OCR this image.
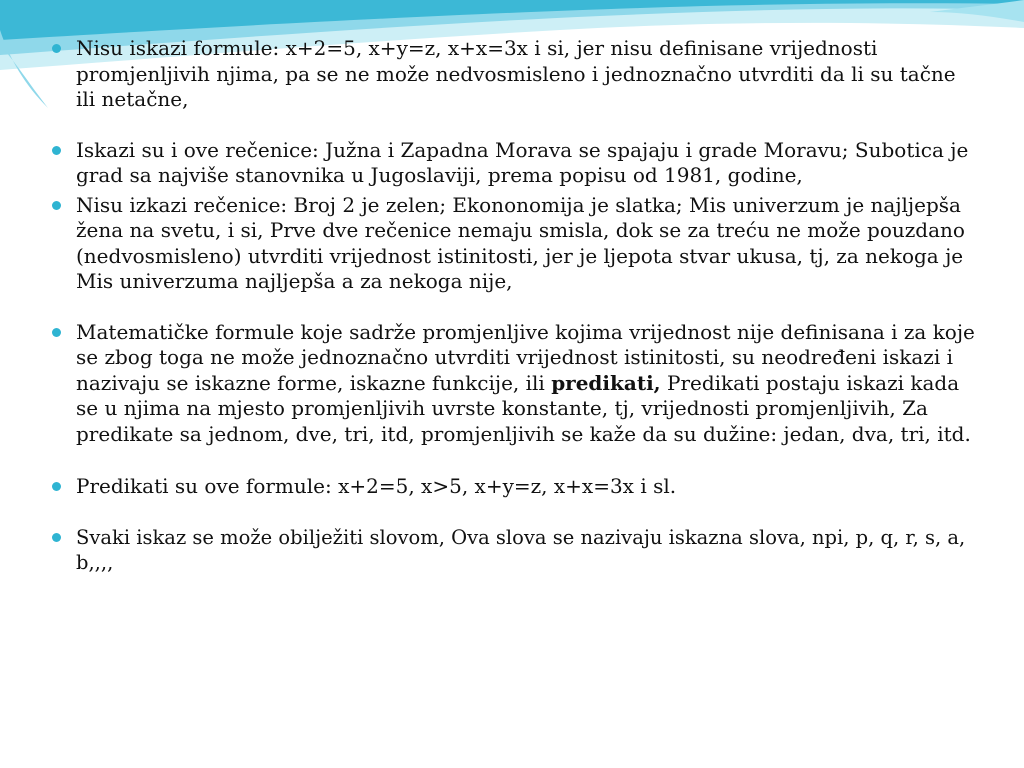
Nisu iskazi formule: x+2=5, x+y=z, x+x=3x i si, jer nisu definisane vrijednosti promjenljivih njima, pa se ne može nedvosmisleno i jednoznačno utvrditi da li su tačne ili netačne,
Iskazi su i ove rečenice: Južna i Zapadna Morava se spajaju i grade Moravu; Subotica je grad sa najviše stanovnika u Jugoslaviji, prema popisu od 1981, godine,
Nisu izkazi rečenice: Broj 2 je zelen; Ekononomija je slatka; Mis univerzum je najljepša žena na svetu, i si, Prve dve rečenice nemaju smisla, dok se za treću ne može pouzdano (nedvosmisleno) utvrditi vrijednost istinitosti, jer je ljepota stvar ukusa, tj, za nekoga je Mis univerzuma najljepša a za nekoga nije,
Matematičke formule koje sadrže promjenljive kojima vrijednost nije definisana i za koje se zbog toga ne može jednoznačno utvrditi vrijednost istinitosti, su neodređeni iskazi i nazivaju se iskazne forme, iskazne funkcije, ili predikati, Predikati postaju iskazi kada se u njima na mjesto promjenljivih uvrste konstante, tj, vrijednosti promjenljivih, Za predikate sa jednom, dve, tri, itd, promjenljivih se kaže da su dužine: jedan, dva, tri, itd.
Predikati su ove formule: x+2=5, x>5, x+y=z, x+x=3x i sl.
Svaki iskaz se može obilježiti slovom, Ova slova se nazivaju iskazna slova, npi, p, q, r, s, a, b,,,,
